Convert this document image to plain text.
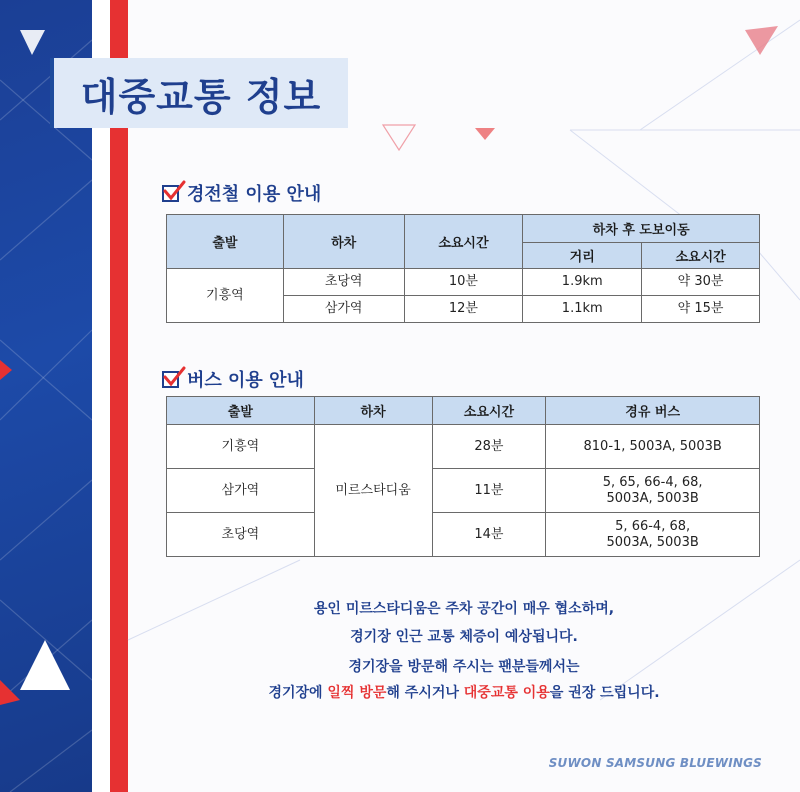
대중교통 정보
경전철 이용 안내
출발	하차	소요시간	하차 후 도보이동	
			거리	소요시간
기흥역	초당역	10분	1.9km	약 30분
	삼가역	12분	1.1km	약 15분
버스 이용 안내
출발	하차	소요시간	경유 버스
기흥역	미르스타디움	28분	810-1, 5003A, 5003B

삼가역		11분	5, 65, 66-4, 68,
5003A, 5003B

초당역		14분	5, 66-4, 68,
5003A, 5003B
용인 미르스타디움은 주차 공간이 매우 협소하며,
경기장 인근 교통 체증이 예상됩니다.
경기장을 방문해 주시는 팬분들께서는
경기장에 일찍 방문해 주시거나 대중교통 이용을 권장 드립니다.
SUWON SAMSUNG BLUEWINGS
